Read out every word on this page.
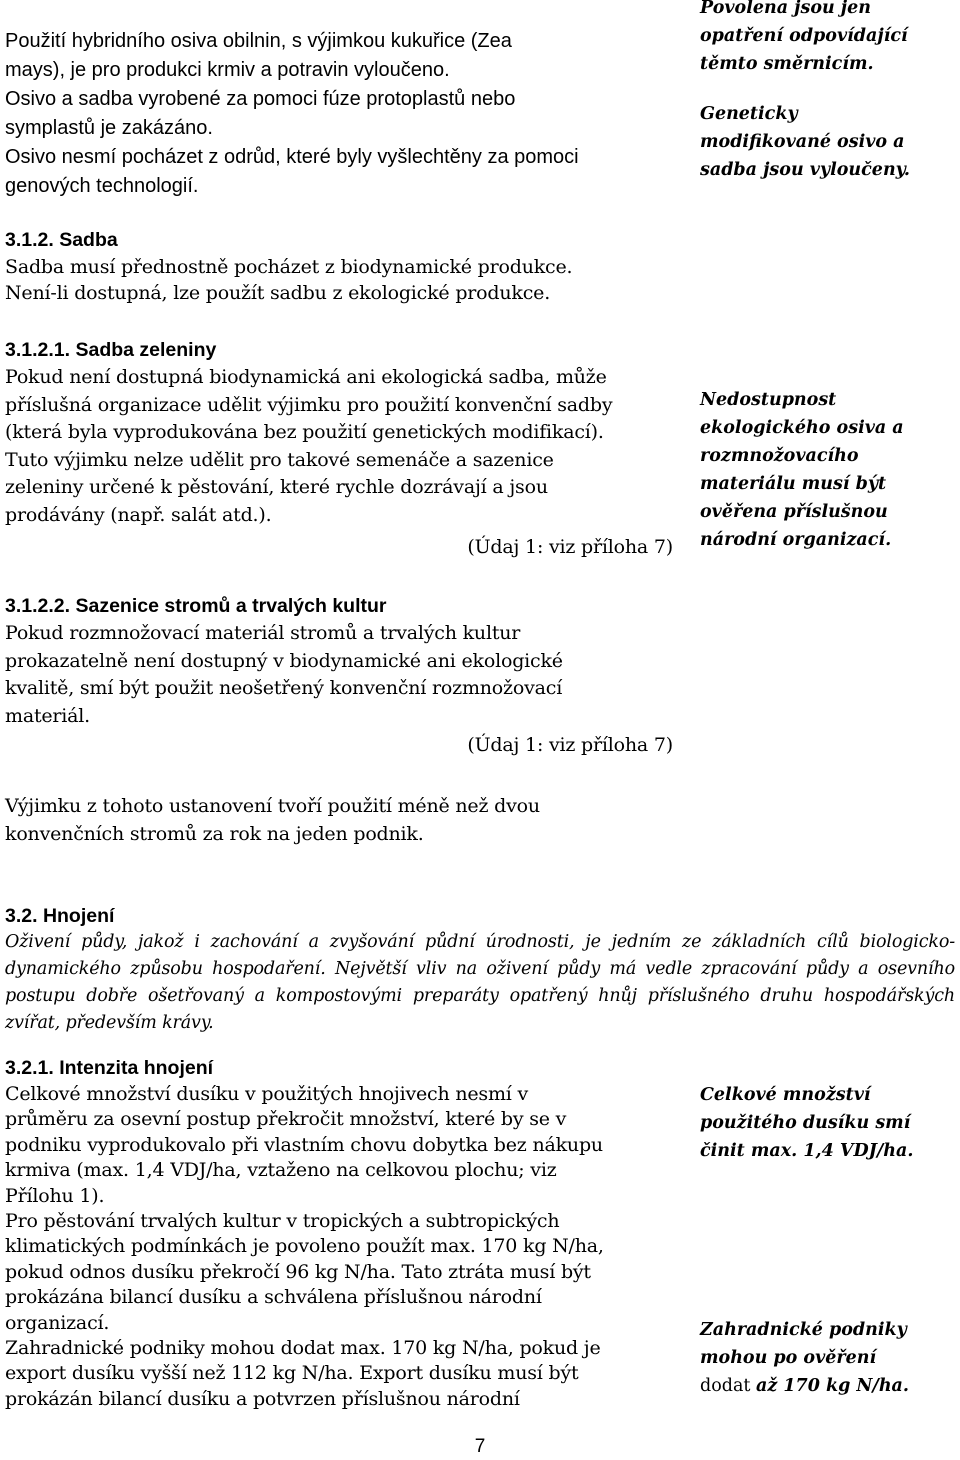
Použití hybridního osiva obilnin, s výjimkou kukuřice (Zea
mays), je pro produkci krmiv a potravin vyloučeno.
Osivo a sadba vyrobené za pomoci fúze protoplastů nebo
symplastů je zakázáno.
Osivo nesmí pocházet z odrůd, které byly vyšlechtěny za pomoci
genových technologií.
Povolena jsou jen
opatření odpovídající
těmto směrnicím.
Geneticky
modifikované osivo a
sadba jsou vyloučeny.
3.1.2. Sadba
Sadba musí přednostně pocházet z biodynamické produkce.
Není-li dostupná, lze použít sadbu z ekologické produkce.
3.1.2.1. Sadba zeleniny
Pokud není dostupná biodynamická ani ekologická sadba, může
příslušná organizace udělit výjimku pro použití konvenční sadby
(která byla vyprodukována bez použití genetických modifikací).
Tuto výjimku nelze udělit pro takové semenáče a sazenice
zeleniny určené k pěstování, které rychle dozrávají a jsou
prodávány (např. salát atd.).
(Údaj 1: viz příloha 7)
Nedostupnost
ekologického osiva a
rozmnožovacího
materiálu musí být
ověřena příslušnou
národní organizací.
3.1.2.2. Sazenice stromů a trvalých kultur
Pokud rozmnožovací materiál stromů a trvalých kultur
prokazatelně není dostupný v biodynamické ani ekologické
kvalitě, smí být použit neošetřený konvenční rozmnožovací
materiál.
(Údaj 1: viz příloha 7)
Výjimku z tohoto ustanovení tvoří použití méně než dvou
konvenčních stromů za rok na jeden podnik.
3.2. Hnojení
Oživení půdy, jakož i zachování a zvyšování půdní úrodnosti, je jedním ze základních cílů biologicko-dynamického způsobu hospodaření. Největší vliv na oživení půdy má vedle zpracování půdy a osevního postupu dobře ošetřovaný a kompostovými preparáty opatřený hnůj příslušného druhu hospodářských zvířat, především krávy.
3.2.1. Intenzita hnojení
Celkové množství dusíku v použitých hnojivech nesmí v
průměru za osevní postup překročit množství, které by se v
podniku vyprodukovalo při vlastním chovu dobytka bez nákupu
krmiva (max. 1,4 VDJ/ha, vztaženo na celkovou plochu; viz
Přílohu 1).
Pro pěstování trvalých kultur v tropických a subtropických
klimatických podmínkách je povoleno použít max. 170 kg N/ha,
pokud odnos dusíku překročí 96 kg N/ha. Tato ztráta musí být
prokázána bilancí dusíku a schválena příslušnou národní
organizací.
Zahradnické podniky mohou dodat max. 170 kg N/ha, pokud je
export dusíku vyšší než 112 kg N/ha. Export dusíku musí být
prokázán bilancí dusíku a potvrzen příslušnou národní
Celkové množství
použitého dusíku smí
činit max. 1,4 VDJ/ha.
Zahradnické podniky
mohou po ověření
dodat až 170 kg N/ha.
7
